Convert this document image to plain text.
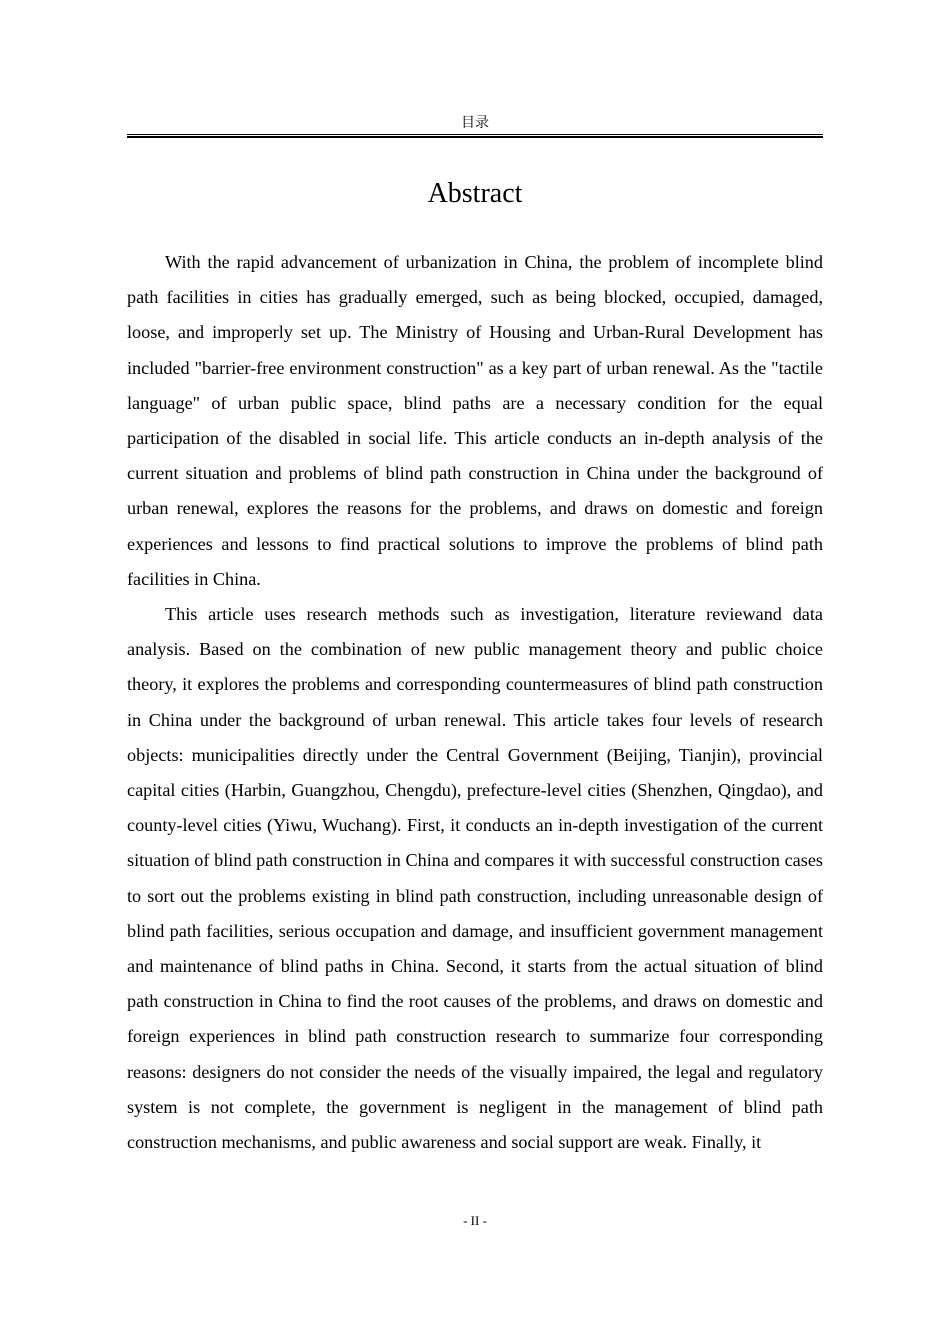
目录
Abstract

With the rapid advancement of urbanization in China, the problem of incomplete blind path facilities in cities has gradually emerged, such as being blocked, occupied, damaged, loose, and improperly set up. The Ministry of Housing and Urban-Rural Development has included "barrier-free environment construction" as a key part of urban renewal. As the "tactile language" of urban public space, blind paths are a necessary condition for the equal participation of the disabled in social life. This article conducts an in-depth analysis of the current situation and problems of blind path construction in China under the background of urban renewal, explores the reasons for the problems, and draws on domestic and foreign experiences and lessons to find practical solutions to improve the problems of blind path facilities in China.

This article uses research methods such as investigation, literature reviewand data analysis. Based on the combination of new public management theory and public choice theory, it explores the problems and corresponding countermeasures of blind path construction in China under the background of urban renewal. This article takes four levels of research objects: municipalities directly under the Central Government (Beijing, Tianjin), provincial capital cities (Harbin, Guangzhou, Chengdu), prefecture-level cities (Shenzhen, Qingdao), and county-level cities (Yiwu, Wuchang). First, it conducts an in-depth investigation of the current situation of blind path construction in China and compares it with successful construction cases to sort out the problems existing in blind path construction, including unreasonable design of blind path facilities, serious occupation and damage, and insufficient government management and maintenance of blind paths in China. Second, it starts from the actual situation of blind path construction in China to find the root causes of the problems, and draws on domestic and foreign experiences in blind path construction research to summarize four corresponding reasons: designers do not consider the needs of the visually impaired, the legal and regulatory system is not complete, the government is negligent in the management of blind path construction mechanisms, and public awareness and social support are weak. Finally, it

- II -
